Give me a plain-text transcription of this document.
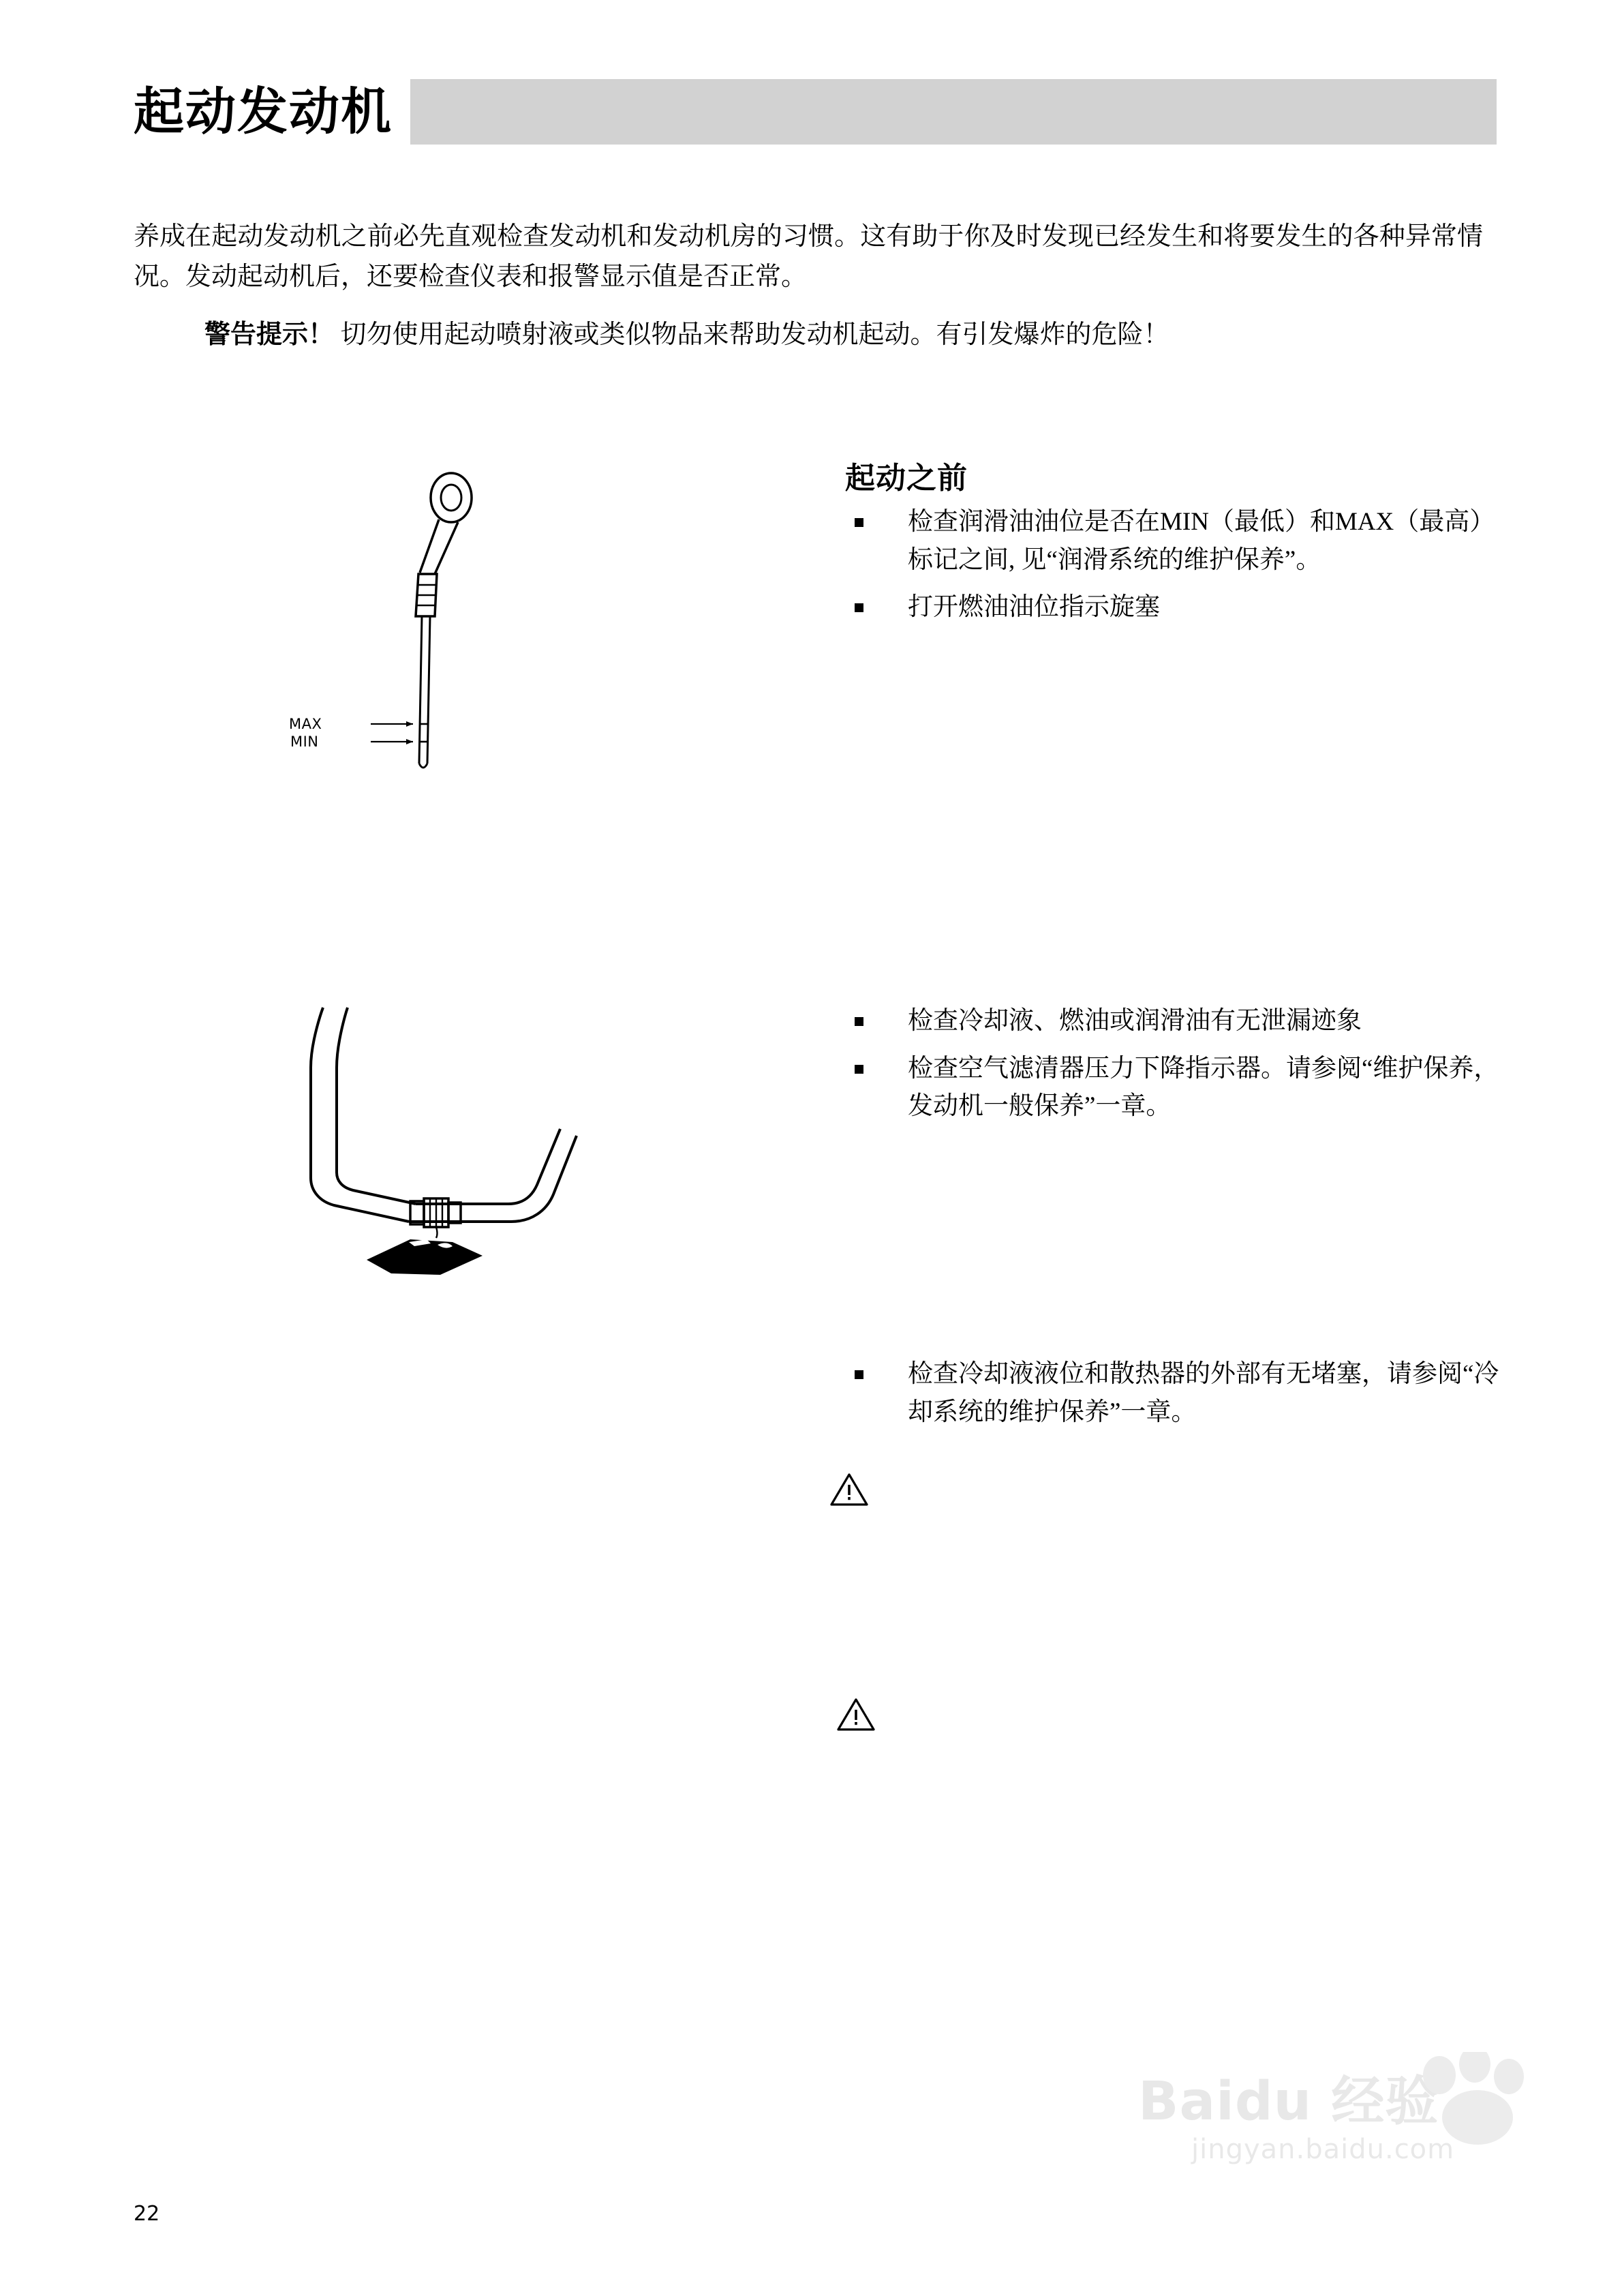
起动发动机
养成在起动发动机之前必先直观检查发动机和发动机房的习惯。这有助于你及时发现已经发生和将要发生的各种异常情况。发动起动机后，还要检查仪表和报警显示值是否正常。
警告提示！ 切勿使用起动喷射液或类似物品来帮助发动机起动。有引发爆炸的危险！
起动之前
检查润滑油油位是否在MIN（最低）和MAX（最高）标记之间, 见“润滑系统的维护保养”。
打开燃油油位指示旋塞
检查冷却液、燃油或润滑油有无泄漏迹象
检查空气滤清器压力下降指示器。请参阅“维护保养，发动机一般保养”一章。
检查冷却液液位和散热器的外部有无堵塞，请参阅“冷却系统的维护保养”一章。
MAX
MIN
Baidu 经验
jingyan.baidu.com
22
